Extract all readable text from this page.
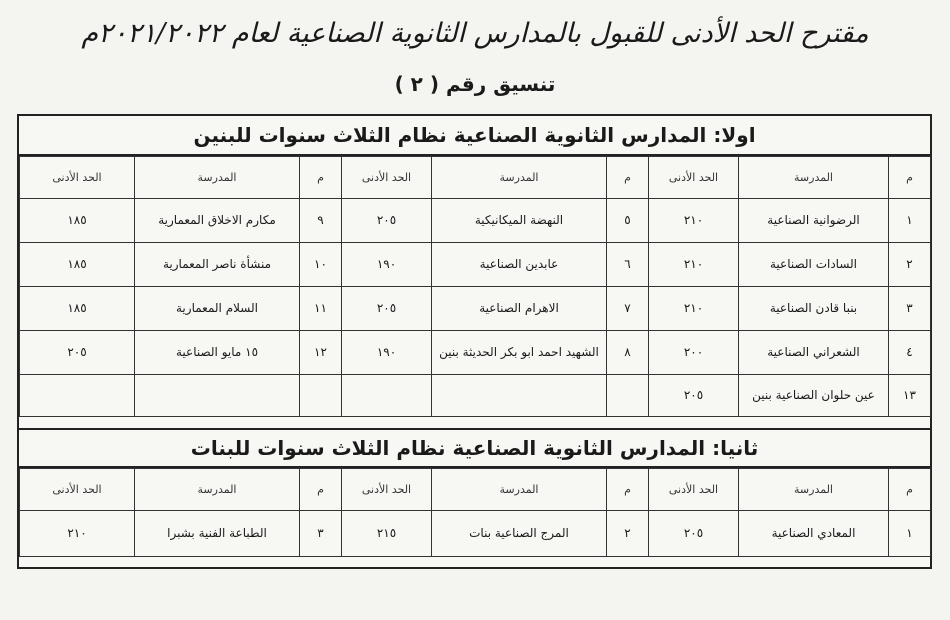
مقترح الحد الأدنى للقبول بالمدارس الثانوية الصناعية لعام ٢٠٢١/٢٠٢٢م
تنسيق رقم ( ٢ )
اولا: المدارس الثانوية الصناعية نظام الثلاث سنوات للبنين
م	المدرسة	الحد الأدنى	م	المدرسة	الحد الأدنى	م	المدرسة	الحد الأدنى
١	الرضوانية الصناعية	٢١٠	٥	النهضة الميكانيكية	٢٠٥	٩	مكارم الاخلاق المعمارية	١٨٥
٢	السادات الصناعية	٢١٠	٦	عابدين الصناعية	١٩٠	١٠	منشأة ناصر المعمارية	١٨٥
٣	بنبا قادن الصناعية	٢١٠	٧	الاهرام الصناعية	٢٠٥	١١	السلام المعمارية	١٨٥
٤	الشعراني الصناعية	٢٠٠	٨	الشهيد احمد ابو بكر الحديثة بنين	١٩٠	١٢	١٥ مايو الصناعية	٢٠٥
١٣	عين حلوان الصناعية بنين	٢٠٥						
ثانيا: المدارس الثانوية الصناعية نظام الثلاث سنوات للبنات
م	المدرسة	الحد الأدنى	م	المدرسة	الحد الأدنى	م	المدرسة	الحد الأدنى
١	المعادي الصناعية	٢٠٥	٢	المرج الصناعية بنات	٢١٥	٣	الطباعة الفنية بشبرا	٢١٠
